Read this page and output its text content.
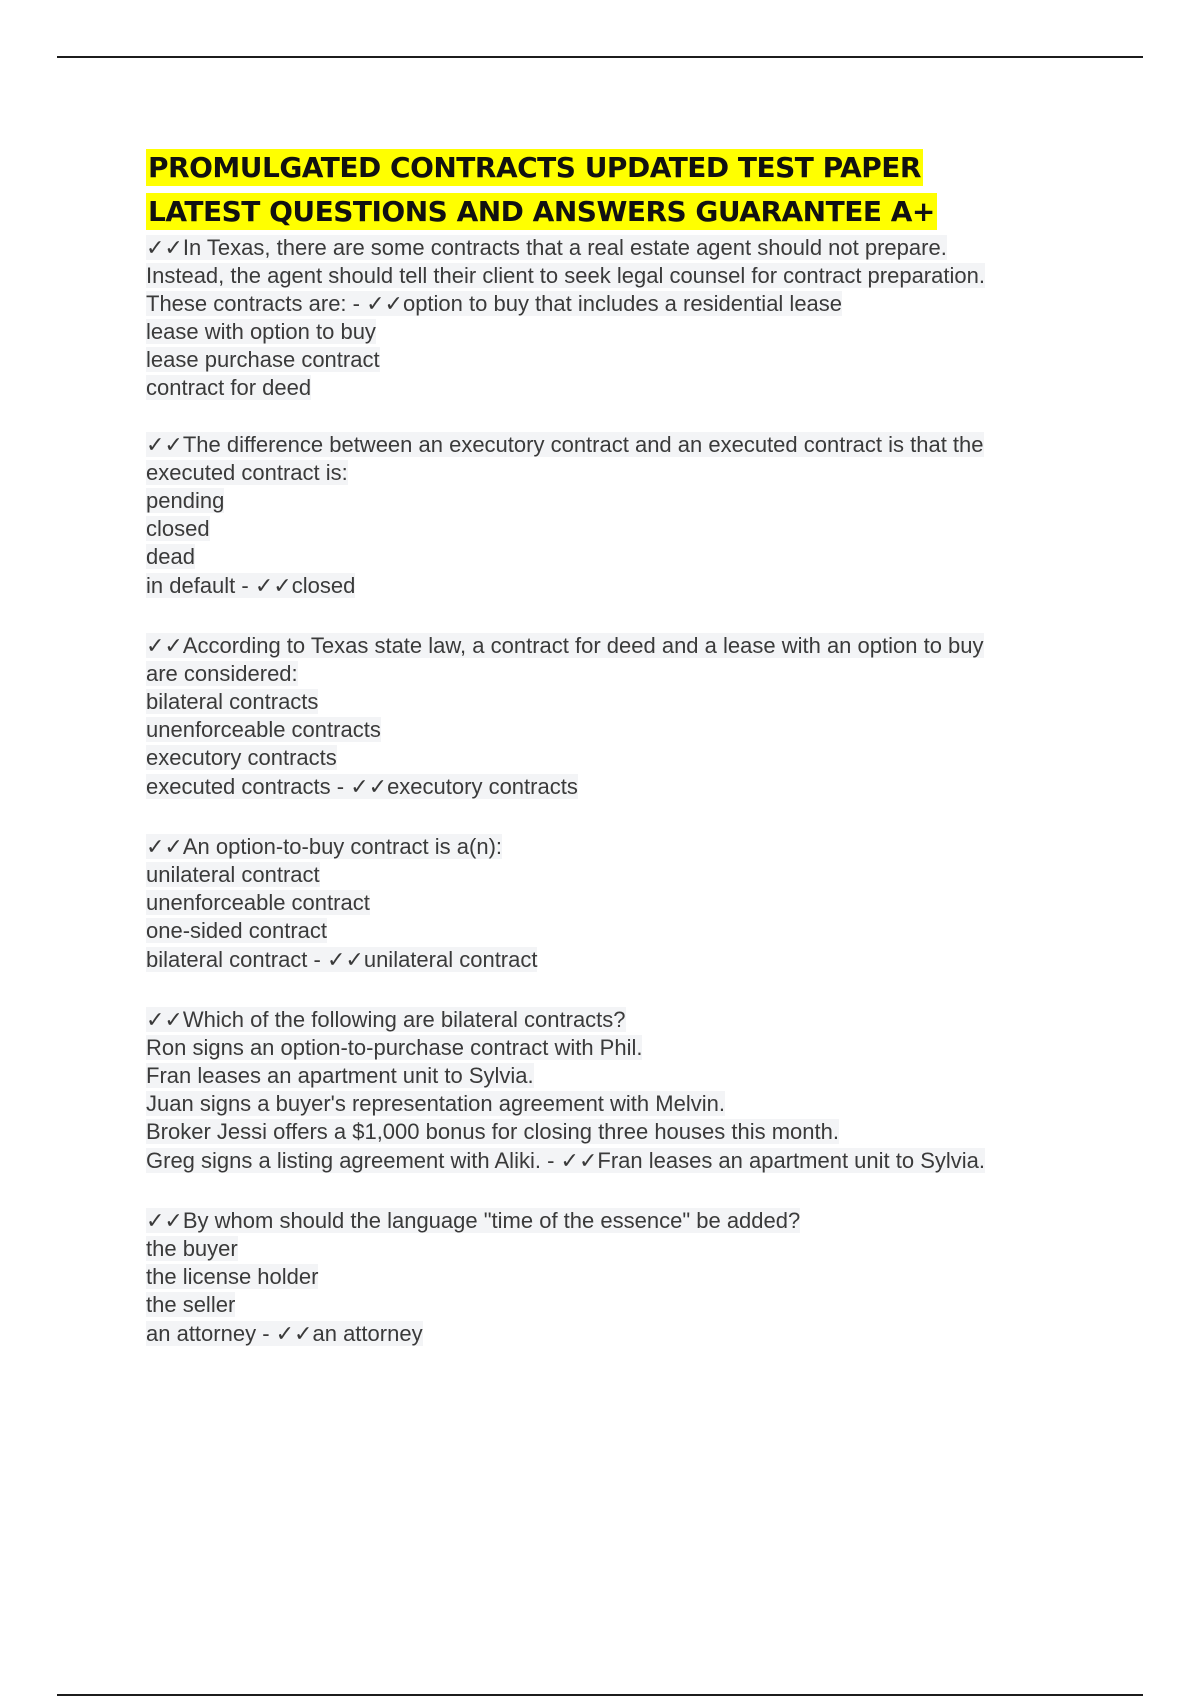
PROMULGATED CONTRACTS UPDATED TEST PAPER
LATEST QUESTIONS AND ANSWERS GUARANTEE A+
✓✓In Texas, there are some contracts that a real estate agent should not prepare.
Instead, the agent should tell their client to seek legal counsel for contract preparation.
These contracts are: - ✓✓option to buy that includes a residential lease
lease with option to buy
lease purchase contract
contract for deed
✓✓The difference between an executory contract and an executed contract is that the
executed contract is:
pending
closed
dead
in default - ✓✓closed
✓✓According to Texas state law, a contract for deed and a lease with an option to buy
are considered:
bilateral contracts
unenforceable contracts
executory contracts
executed contracts - ✓✓executory contracts
✓✓An option-to-buy contract is a(n):
unilateral contract
unenforceable contract
one-sided contract
bilateral contract - ✓✓unilateral contract
✓✓Which of the following are bilateral contracts?
Ron signs an option-to-purchase contract with Phil.
Fran leases an apartment unit to Sylvia.
Juan signs a buyer's representation agreement with Melvin.
Broker Jessi offers a $1,000 bonus for closing three houses this month.
Greg signs a listing agreement with Aliki. - ✓✓Fran leases an apartment unit to Sylvia.
✓✓By whom should the language "time of the essence" be added?
the buyer
the license holder
the seller
an attorney - ✓✓an attorney
